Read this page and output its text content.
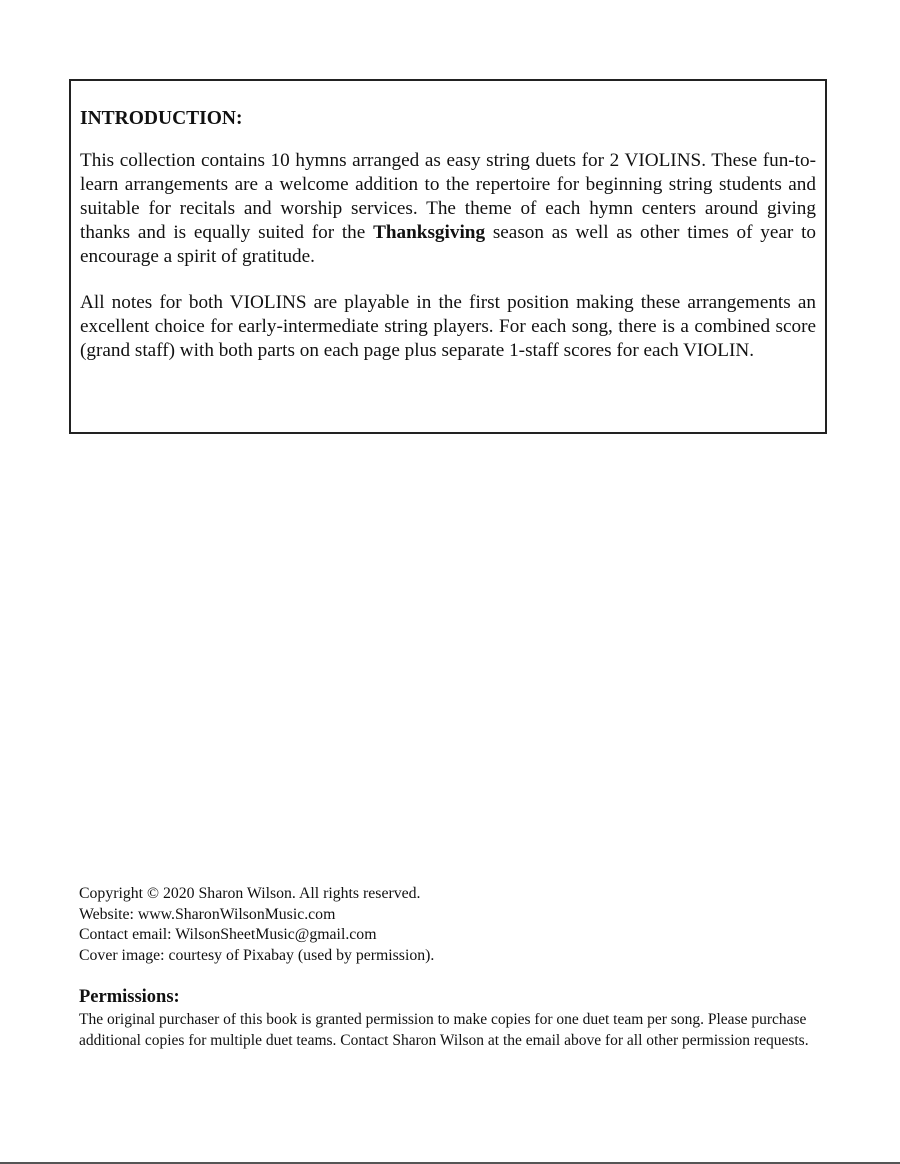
INTRODUCTION:

This collection contains 10 hymns arranged as easy string duets for 2 VIOLINS. These fun-to-learn arrangements are a welcome addition to the repertoire for beginning string students and suitable for recitals and worship services. The theme of each hymn centers around giving thanks and is equally suited for the Thanksgiving season as well as other times of year to encourage a spirit of gratitude.

All notes for both VIOLINS are playable in the first position making these arrangements an excellent choice for early-intermediate string players. For each song, there is a combined score (grand staff) with both parts on each page plus separate 1-staff scores for each VIOLIN.

Copyright © 2020 Sharon Wilson. All rights reserved.
Website: www.SharonWilsonMusic.com
Contact email: WilsonSheetMusic@gmail.com
Cover image: courtesy of Pixabay (used by permission).
Permissions:

The original purchaser of this book is granted permission to make copies for one duet team per song. Please purchase additional copies for multiple duet teams. Contact Sharon Wilson at the email above for all other permission requests.
